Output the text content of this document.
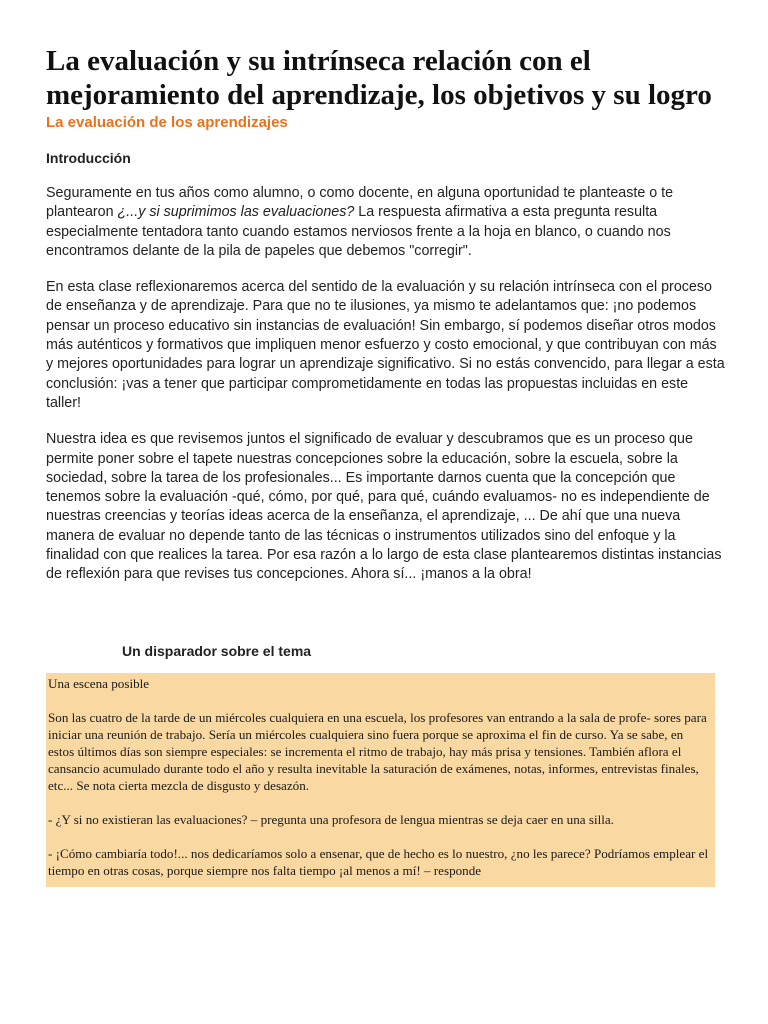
La evaluación y su intrínseca relación con el mejoramiento del aprendizaje, los objetivos y su logro
La evaluación de los aprendizajes
Introducción

Seguramente en tus años como alumno, o como docente, en alguna oportunidad te planteaste o te plantearon ¿...y si suprimimos las evaluaciones? La respuesta afirmativa a esta pregunta resulta especialmente tentadora tanto cuando estamos nerviosos frente a la hoja en blanco, o cuando nos encontramos delante de la pila de papeles que debemos "corregir".

En esta clase reflexionaremos acerca del sentido de la evaluación y su relación intrínseca con el proceso de enseñanza y de aprendizaje. Para que no te ilusiones, ya mismo te adelantamos que: ¡no podemos pensar un proceso educativo sin instancias de evaluación! Sin embargo, sí podemos diseñar otros modos más auténticos y formativos que impliquen menor esfuerzo y costo emocional, y que contribuyan con más y mejores oportunidades para lograr un aprendizaje significativo. Si no estás convencido, para llegar a esta conclusión: ¡vas a tener que participar comprometidamente en todas las propuestas incluidas en este taller!

Nuestra idea es que revisemos juntos el significado de evaluar y descubramos que es un proceso que permite poner sobre el tapete nuestras concepciones sobre la educación, sobre la escuela, sobre la sociedad, sobre la tarea de los profesionales... Es importante darnos cuenta que la concepción que tenemos sobre la evaluación -qué, cómo, por qué, para qué, cuándo evaluamos- no es independiente de nuestras creencias y teorías ideas acerca de la enseñanza, el aprendizaje, ... De ahí que una nueva manera de evaluar no depende tanto de las técnicas o instrumentos utilizados sino del enfoque y la finalidad con que realices la tarea. Por esa razón a lo largo de esta clase plantearemos distintas instancias de reflexión para que revises tus concepciones. Ahora sí... ¡manos a la obra!

Un disparador sobre el tema

Una escena posible

Son las cuatro de la tarde de un miércoles cualquiera en una escuela, los profesores van entrando a la sala de profe- sores para iniciar una reunión de trabajo. Sería un miércoles cualquiera sino fuera porque se aproxima el fin de curso. Ya se sabe, en estos últimos días son siempre especiales: se incrementa el ritmo de trabajo, hay más prisa y tensiones. También aflora el cansancio acumulado durante todo el año y resulta inevitable la saturación de exámenes, notas, informes, entrevistas finales, etc... Se nota cierta mezcla de disgusto y desazón.

- ¿Y si no existieran las evaluaciones? – pregunta una profesora de lengua mientras se deja caer en una silla.

- ¡Cómo cambiaría todo!... nos dedicaríamos solo a ensenar, que de hecho es lo nuestro, ¿no les parece? Podríamos emplear el tiempo en otras cosas, porque siempre nos falta tiempo ¡al menos a mí! – responde
